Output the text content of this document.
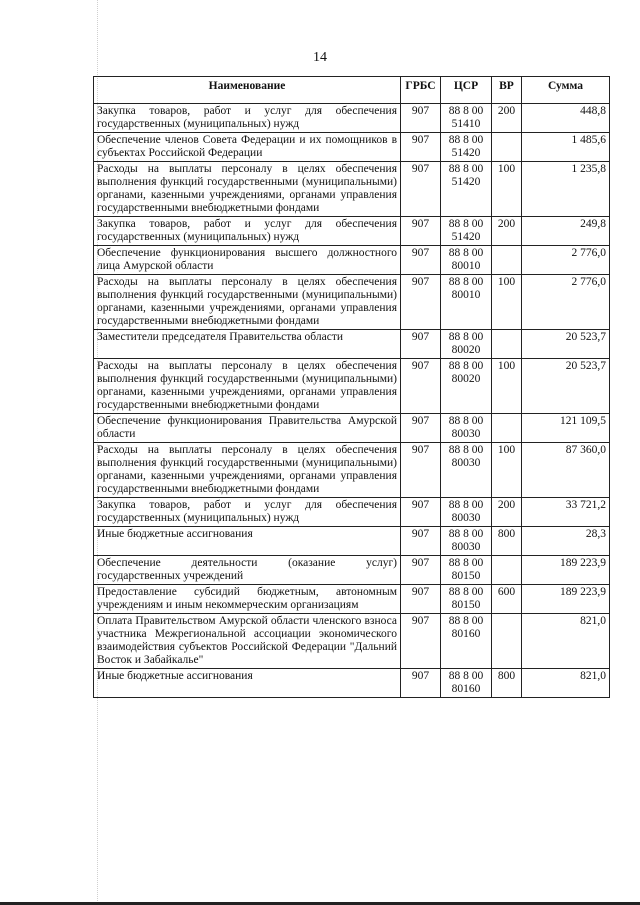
14
Наименование	ГРБС	ЦСР	ВР	Сумма
Закупка товаров, работ и услуг для обеспечения государственных (муниципальных) нужд	907	88 8 00 51410	200	448,8
Обеспечение членов Совета Федерации и их помощников в субъектах Российской Федерации	907	88 8 00 51420		1 485,6
Расходы на выплаты персоналу в целях обеспечения выполнения функций государственными (муниципальными) органами, казенными учреждениями, органами управления государственными внебюджетными фондами	907	88 8 00 51420	100	1 235,8
Закупка товаров, работ и услуг для обеспечения государственных (муниципальных) нужд	907	88 8 00 51420	200	249,8
Обеспечение функционирования высшего должностного лица Амурской области	907	88 8 00 80010		2 776,0
Расходы на выплаты персоналу в целях обеспечения выполнения функций государственными (муниципальными) органами, казенными учреждениями, органами управления государственными внебюджетными фондами	907	88 8 00 80010	100	2 776,0
Заместители председателя Правительства области	907	88 8 00 80020		20 523,7
Расходы на выплаты персоналу в целях обеспечения выполнения функций государственными (муниципальными) органами, казенными учреждениями, органами управления государственными внебюджетными фондами	907	88 8 00 80020	100	20 523,7
Обеспечение функционирования Правительства Амурской области	907	88 8 00 80030		121 109,5
Расходы на выплаты персоналу в целях обеспечения выполнения функций государственными (муниципальными) органами, казенными учреждениями, органами управления государственными внебюджетными фондами	907	88 8 00 80030	100	87 360,0
Закупка товаров, работ и услуг для обеспечения государственных (муниципальных) нужд	907	88 8 00 80030	200	33 721,2
Иные бюджетные ассигнования	907	88 8 00 80030	800	28,3
Обеспечение деятельности (оказание услуг) государственных учреждений	907	88 8 00 80150		189 223,9
Предоставление субсидий бюджетным, автономным учреждениям и иным некоммерческим организациям	907	88 8 00 80150	600	189 223,9
Оплата Правительством Амурской области членского взноса участника Межрегиональной ассоциации экономического взаимодействия субъектов Российской Федерации "Дальний Восток и Забайкалье"	907	88 8 00 80160		821,0
Иные бюджетные ассигнования	907	88 8 00 80160	800	821,0
